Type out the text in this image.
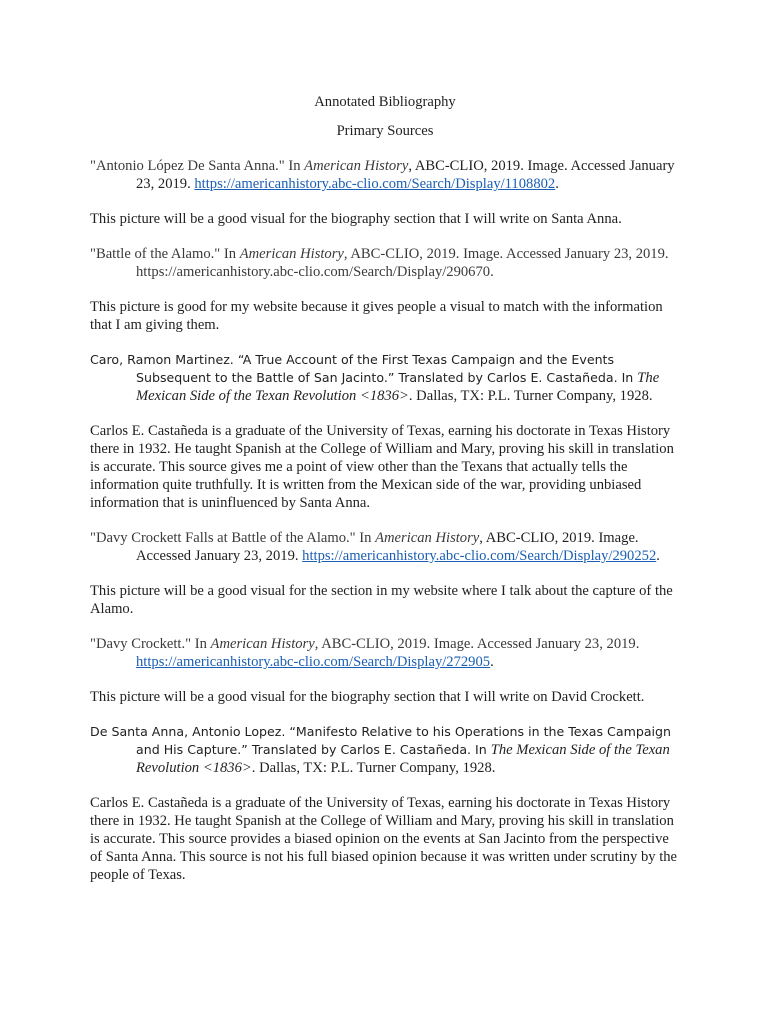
Annotated Bibliography

Primary Sources

"Antonio López De Santa Anna." In American History, ABC-CLIO, 2019. Image. Accessed January 23, 2019. https://americanhistory.abc-clio.com/Search/Display/1108802.

This picture will be a good visual for the biography section that I will write on Santa Anna.

"Battle of the Alamo." In American History, ABC-CLIO, 2019. Image. Accessed January 23, 2019. https://americanhistory.abc-clio.com/Search/Display/290670.

This picture is good for my website because it gives people a visual to match with the information that I am giving them.

Caro, Ramon Martinez. “A True Account of the First Texas Campaign and the Events Subsequent to the Battle of San Jacinto.” Translated by Carlos E. Castañeda. In The Mexican Side of the Texan Revolution <1836>. Dallas, TX: P.L. Turner Company, 1928.

Carlos E. Castañeda is a graduate of the University of Texas, earning his doctorate in Texas History there in 1932. He taught Spanish at the College of William and Mary, proving his skill in translation is accurate. This source gives me a point of view other than the Texans that actually tells the information quite truthfully. It is written from the Mexican side of the war, providing unbiased information that is uninfluenced by Santa Anna.

"Davy Crockett Falls at Battle of the Alamo." In American History, ABC-CLIO, 2019. Image. Accessed January 23, 2019. https://americanhistory.abc-clio.com/Search/Display/290252.

This picture will be a good visual for the section in my website where I talk about the capture of the Alamo.

"Davy Crockett." In American History, ABC-CLIO, 2019. Image. Accessed January 23, 2019. https://americanhistory.abc-clio.com/Search/Display/272905.

This picture will be a good visual for the biography section that I will write on David Crockett.

De Santa Anna, Antonio Lopez. “Manifesto Relative to his Operations in the Texas Campaign and His Capture.” Translated by Carlos E. Castañeda. In The Mexican Side of the Texan Revolution <1836>. Dallas, TX: P.L. Turner Company, 1928.

Carlos E. Castañeda is a graduate of the University of Texas, earning his doctorate in Texas History there in 1932. He taught Spanish at the College of William and Mary, proving his skill in translation is accurate. This source provides a biased opinion on the events at San Jacinto from the perspective of Santa Anna. This source is not his full biased opinion because it was written under scrutiny by the people of Texas.
